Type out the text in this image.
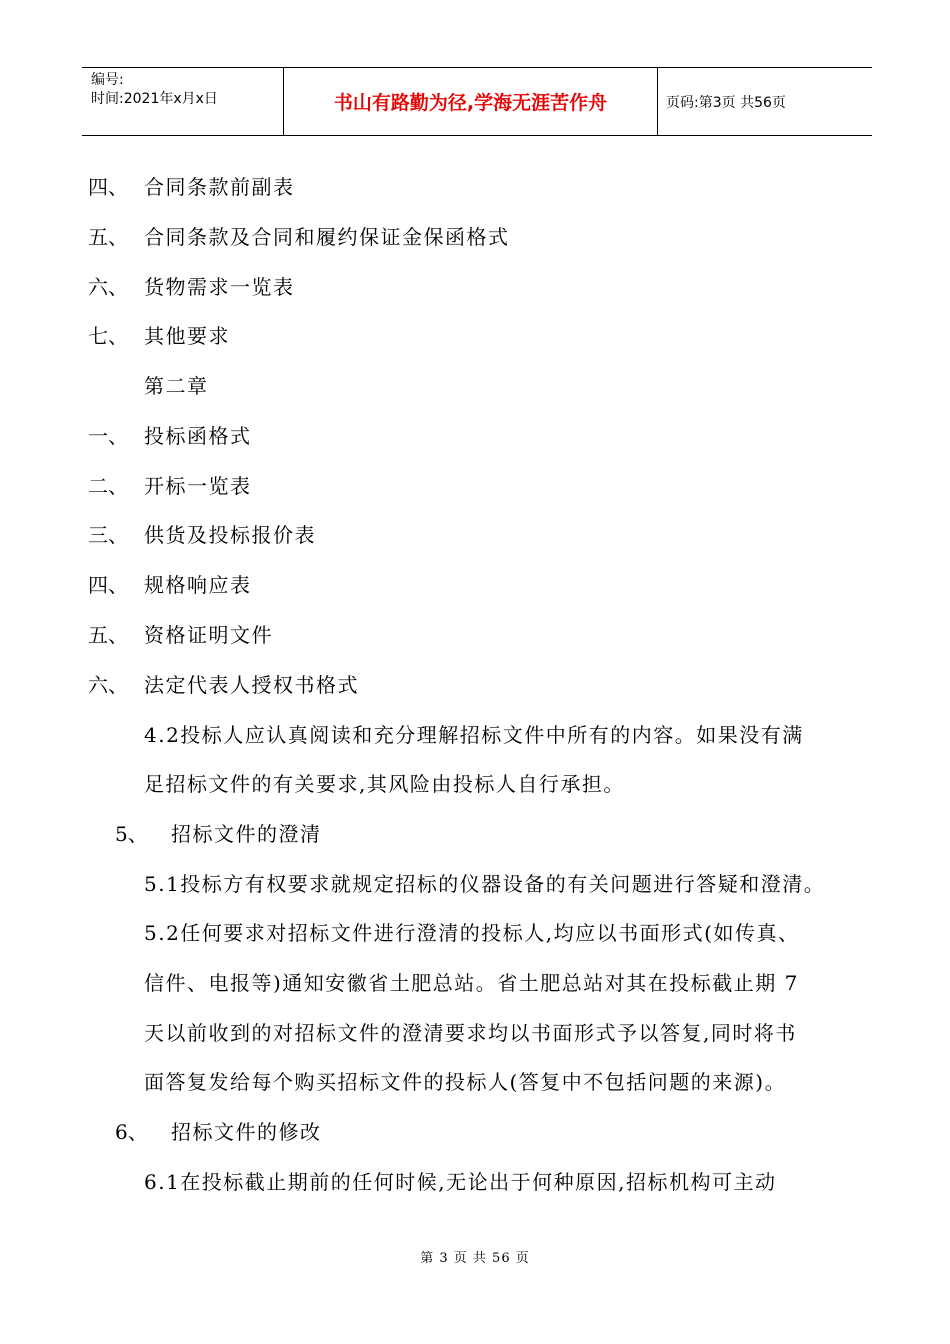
编号:
时间:2021年x月x日	书山有路勤为径,学海无涯苦作舟	页码:第3页 共56页
四、 合同条款前副表
五、 合同条款及合同和履约保证金保函格式
六、 货物需求一览表
七、 其他要求
第二章
一、 投标函格式
二、 开标一览表
三、 供货及投标报价表
四、 规格响应表
五、 资格证明文件
六、 法定代表人授权书格式
4.2投标人应认真阅读和充分理解招标文件中所有的内容。如果没有满
足招标文件的有关要求,其风险由投标人自行承担。
5、 招标文件的澄清
5.1投标方有权要求就规定招标的仪器设备的有关问题进行答疑和澄清。
5.2任何要求对招标文件进行澄清的投标人,均应以书面形式(如传真、
信件、电报等)通知安徽省土肥总站。省土肥总站对其在投标截止期 7
天以前收到的对招标文件的澄清要求均以书面形式予以答复,同时将书
面答复发给每个购买招标文件的投标人(答复中不包括问题的来源)。
6、 招标文件的修改
6.1在投标截止期前的任何时候,无论出于何种原因,招标机构可主动
第 3 页 共 56 页
